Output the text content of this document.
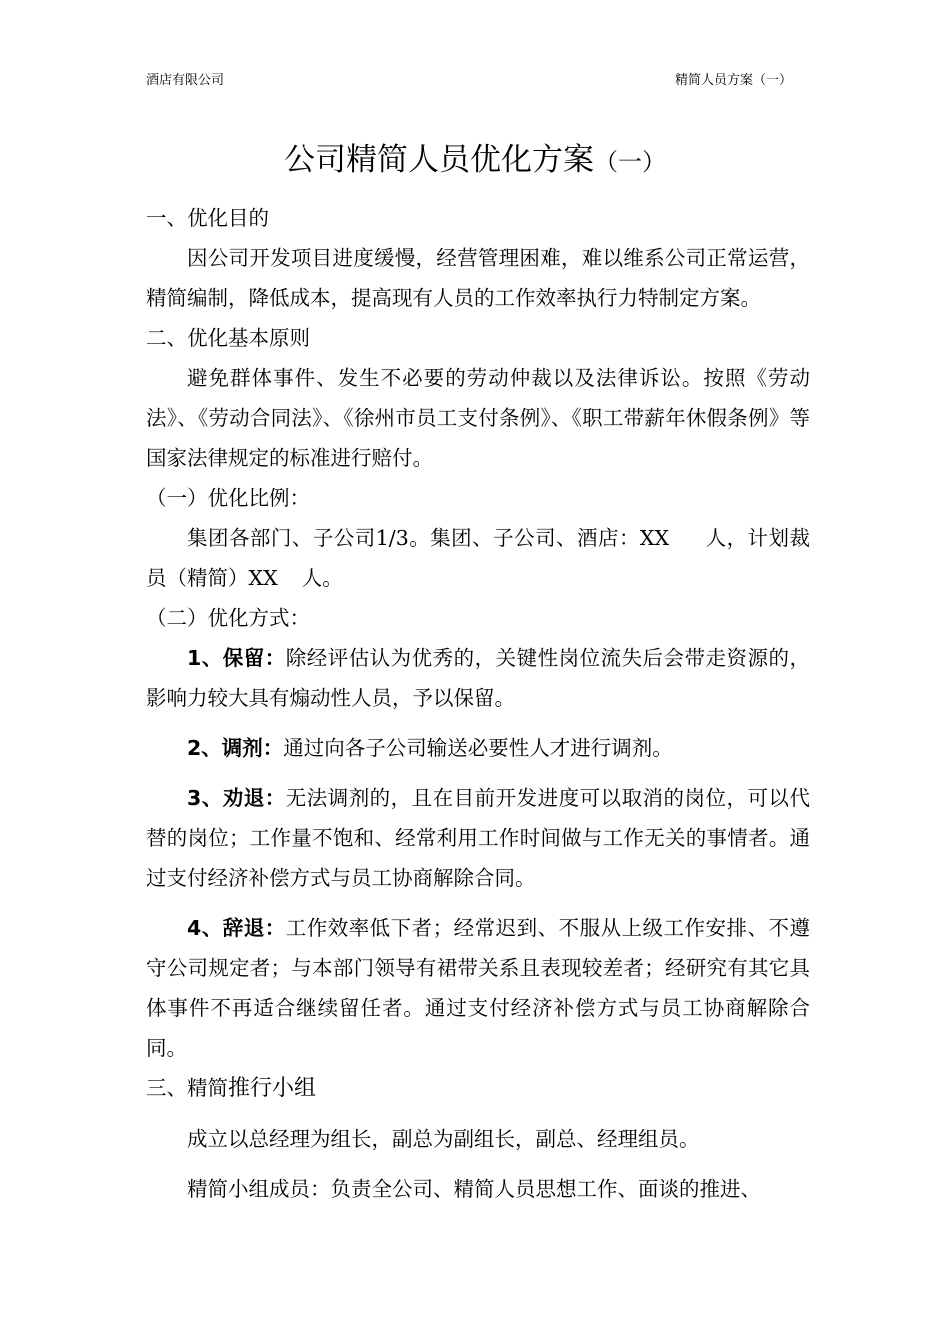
酒店有限公司	精简人员方案（一）
公司精简人员优化方案（一）

一、优化目的

因公司开发项目进度缓慢，经营管理困难，难以维系公司正常运营，精简编制，降低成本，提高现有人员的工作效率执行力特制定方案。

二、优化基本原则

避免群体事件、发生不必要的劳动仲裁以及法律诉讼。按照《劳动法》、《劳动合同法》、《徐州市员工支付条例》、《职工带薪年休假条例》等国家法律规定的标准进行赔付。

（一）优化比例：

集团各部门、子公司1/3。集团、子公司、酒店：XX 人，计划裁员（精简）XX 人。

（二）优化方式：

1、保留：除经评估认为优秀的，关键性岗位流失后会带走资源的，影响力较大具有煽动性人员，予以保留。

2、调剂：通过向各子公司输送必要性人才进行调剂。

3、劝退：无法调剂的，且在目前开发进度可以取消的岗位，可以代替的岗位；工作量不饱和、经常利用工作时间做与工作无关的事情者。通过支付经济补偿方式与员工协商解除合同。

4、辞退：工作效率低下者；经常迟到、不服从上级工作安排、不遵守公司规定者；与本部门领导有裙带关系且表现较差者；经研究有其它具体事件不再适合继续留任者。通过支付经济补偿方式与员工协商解除合同。

三、精简推行小组

成立以总经理为组长，副总为副组长，副总、经理组员。

精简小组成员：负责全公司、精简人员思想工作、面谈的推进、
